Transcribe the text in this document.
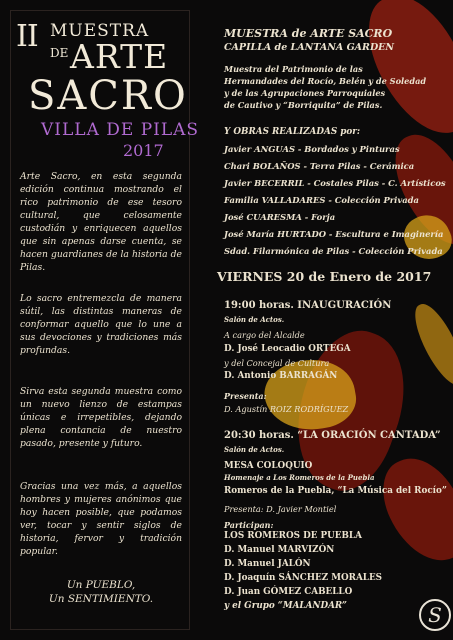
II MUESTRA
DE ARTE
SACRO
VILLA DE PILAS
2017

Arte Sacro, en esta segunda edición continua mostrando el rico patrimonio de ese tesoro cultural, que celosamente custodián y enriquecen aquellos que sin apenas darse cuenta, se hacen guardianes de la historia de Pilas.

Lo sacro entremezcla de manera sútil, las distintas maneras de conformar aquello que lo une a sus devociones y tradiciones más profundas.

Sirva esta segunda muestra como un nuevo lienzo de estampas únicas e irrepetibles, dejando plena contancia de nuestro pasado, presente y futuro.

Gracias una vez más, a aquellos hombres y mujeres anónimos que hoy hacen posible, que podamos ver, tocar y sentir siglos de historia, fervor y tradición popular.

Un PUEBLO,
Un SENTIMIENTO.
MUESTRA de ARTE SACRO
CAPILLA de LANTANA GARDEN
Muestra del Patrimonio de las
Hermandades del Rocío, Belén y de Soledad
y de las Agrupaciones Parroquiales
de Cautivo y “Borriquita” de Pilas.
Y OBRAS REALIZADAS por:
Javier ANGUAS - Bordados y Pinturas
Chari BOLAÑOS - Terra Pilas - Cerámica
Javier BECERRIL - Costales Pilas - C. Artísticos
Familia VALLADARES - Colección Privada
José CUARESMA - Forja
José María HURTADO - Escultura e Imaginería
Sdad. Filarmónica de Pilas - Colección Privada
VIERNES 20 de Enero de 2017
19:00 horas. INAUGURACIÓN
Salón de Actos.
A cargo del Alcalde
D. José Leocadio ORTEGA
y del Concejal de Cultura
D. Antonio BARRAGÁN
Presenta:
D. Agustín ROIZ RODRÍGUEZ
20:30 horas. “LA ORACIÓN CANTADA”
Salón de Actos.
MESA COLOQUIO
Homenaje a Los Romeros de la Puebla
Romeros de la Puebla, “La Música del Rocío”
Presenta: D. Javier Montiel
Participan:
LOS ROMEROS DE PUEBLA
D. Manuel MARVIZÓN
D. Manuel JALÓN
D. Joaquín SÁNCHEZ MORALES
D. Juan GÓMEZ CABELLO
y el Grupo “MALANDAR”	S
